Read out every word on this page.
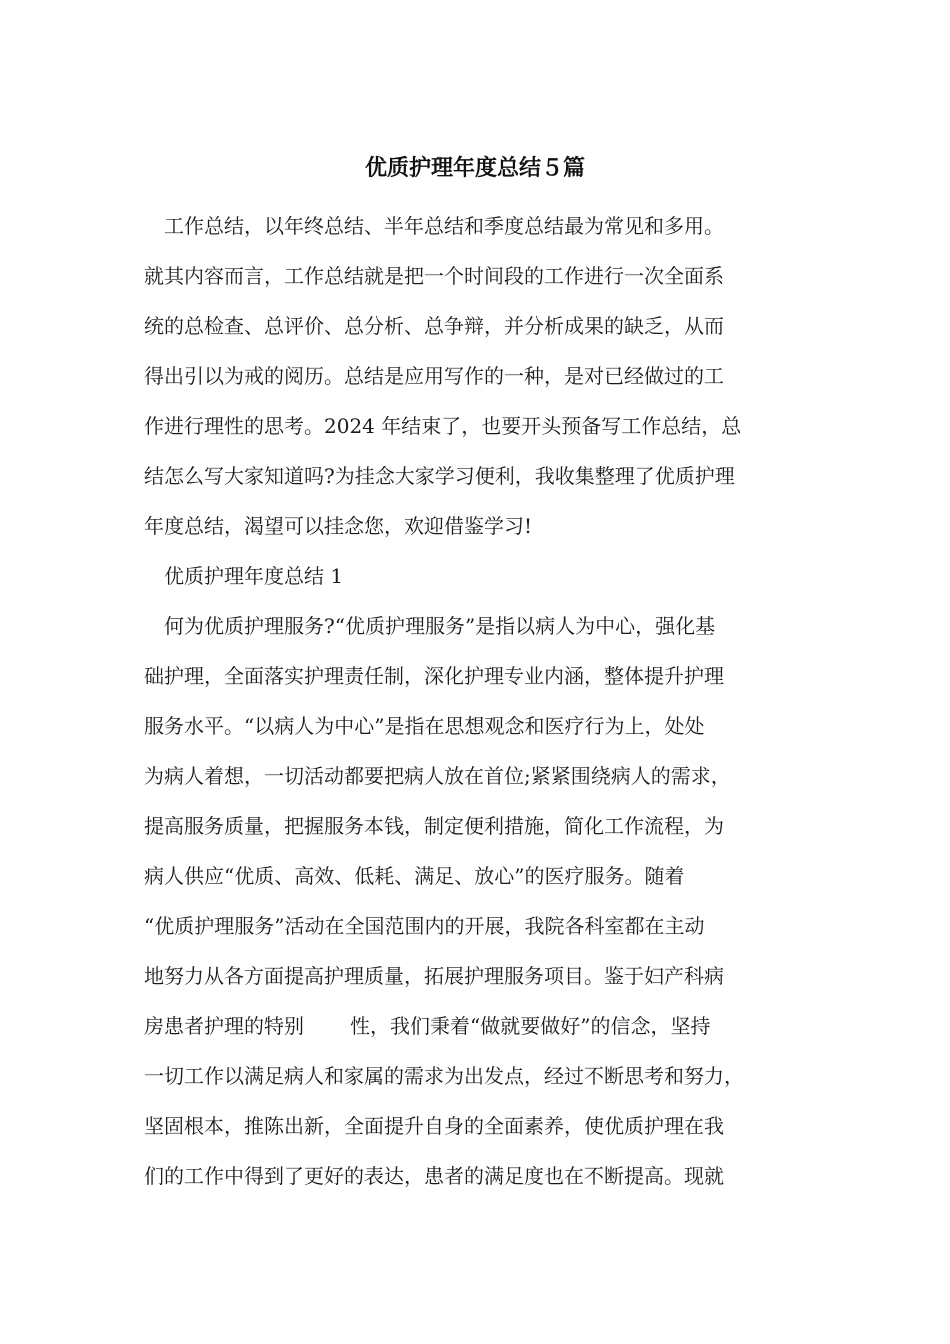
优质护理年度总结５篇
　工作总结，以年终总结、半年总结和季度总结最为常见和多用。
就其内容而言，工作总结就是把一个时间段的工作进行一次全面系
统的总检查、总评价、总分析、总争辩，并分析成果的缺乏，从而
得出引以为戒的阅历。总结是应用写作的一种，是对已经做过的工
作进行理性的思考。2024 年结束了，也要开头预备写工作总结，总
结怎么写大家知道吗?为挂念大家学习便利，我收集整理了优质护理
年度总结，渴望可以挂念您，欢迎借鉴学习!
　优质护理年度总结 1
　何为优质护理服务?“优质护理服务”是指以病人为中心，强化基
础护理，全面落实护理责任制，深化护理专业内涵，整体提升护理
服务水平。“以病人为中心”是指在思想观念和医疗行为上，处处
为病人着想，一切活动都要把病人放在首位;紧紧围绕病人的需求，
提高服务质量，把握服务本钱，制定便利措施，简化工作流程，为
病人供应“优质、高效、低耗、满足、放心”的医疗服务。随着
“优质护理服务”活动在全国范围内的开展，我院各科室都在主动
地努力从各方面提高护理质量，拓展护理服务项目。鉴于妇产科病
房患者护理的特别 性，我们秉着“做就要做好”的信念，坚持
一切工作以满足病人和家属的需求为出发点，经过不断思考和努力，
坚固根本，推陈出新，全面提升自身的全面素养，使优质护理在我
们的工作中得到了更好的表达，患者的满足度也在不断提高。现就
